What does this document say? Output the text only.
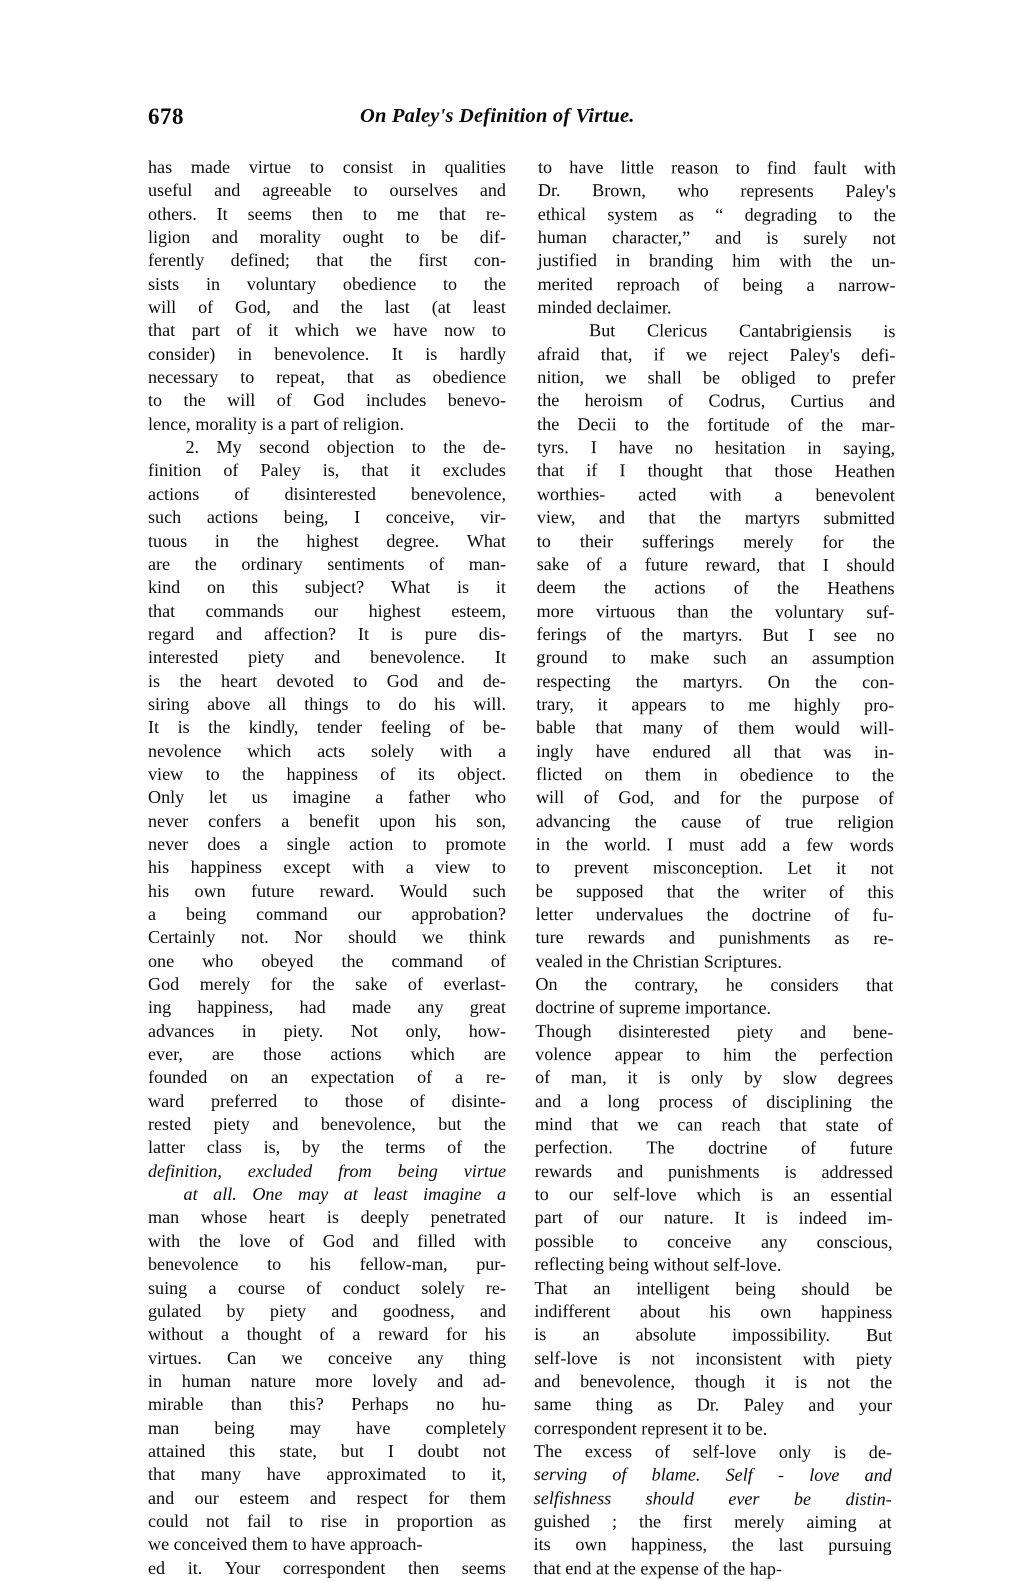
678	On Paley's Definition of Virtue.
has made virtue to consist in qualities
useful and agreeable to ourselves and
others. It seems then to me that re-
ligion and morality ought to be dif-
ferently defined; that the first con-
sists in voluntary obedience to the
will of God, and the last (at least
that part of it which we have now to
consider) in benevolence. It is hardly
necessary to repeat, that as obedience
to the will of God includes benevo-
lence, morality is a part of religion.
2. My second objection to the de-
finition of Paley is, that it excludes
actions of disinterested benevolence,
such actions being, I conceive, vir-
tuous in the highest degree. What
are the ordinary sentiments of man-
kind on this subject? What is it
that commands our highest esteem,
regard and affection? It is pure dis-
interested piety and benevolence. It
is the heart devoted to God and de-
siring above all things to do his will.
It is the kindly, tender feeling of be-
nevolence which acts solely with a
view to the happiness of its object.
Only let us imagine a father who
never confers a benefit upon his son,
never does a single action to promote
his happiness except with a view to
his own future reward. Would such
a being command our approbation?
Certainly not. Nor should we think
one who obeyed the command of
God merely for the sake of everlast-
ing happiness, had made any great
advances in piety. Not only, how-
ever, are those actions which are
founded on an expectation of a re-
ward preferred to those of disinte-
rested piety and benevolence, but the
latter class is, by the terms of the
definition, excluded from being virtue
at all. One may at least imagine a
man whose heart is deeply penetrated
with the love of God and filled with
benevolence to his fellow-man, pur-
suing a course of conduct solely re-
gulated by piety and goodness, and
without a thought of a reward for his
virtues. Can we conceive any thing
in human nature more lovely and ad-
mirable than this? Perhaps no hu-
man being may have completely
attained this state, but I doubt not
that many have approximated to it,
and our esteem and respect for them
could not fail to rise in proportion as
we conceived them to have approach-
ed it. Your correspondent then seems
to have little reason to find fault with
Dr. Brown, who represents Paley's
ethical system as “ degrading to the
human character,” and is surely not
justified in branding him with the un-
merited reproach of being a narrow-
minded declaimer.
But Clericus Cantabrigiensis is
afraid that, if we reject Paley's defi-
nition, we shall be obliged to prefer
the heroism of Codrus, Curtius and
the Decii to the fortitude of the mar-
tyrs. I have no hesitation in saying,
that if I thought that those Heathen
worthies- acted with a benevolent
view, and that the martyrs submitted
to their sufferings merely for the
sake of a future reward, that I should
deem the actions of the Heathens
more virtuous than the voluntary suf-
ferings of the martyrs. But I see no
ground to make such an assumption
respecting the martyrs. On the con-
trary, it appears to me highly pro-
bable that many of them would will-
ingly have endured all that was in-
flicted on them in obedience to the
will of God, and for the purpose of
advancing the cause of true religion
in the world. I must add a few words
to prevent misconception. Let it not
be supposed that the writer of this
letter undervalues the doctrine of fu-
ture rewards and punishments as re-
vealed in the Christian Scriptures.
On the contrary, he considers that
doctrine of supreme importance.
Though disinterested piety and bene-
volence appear to him the perfection
of man, it is only by slow degrees
and a long process of disciplining the
mind that we can reach that state of
perfection. The doctrine of future
rewards and punishments is addressed
to our self-love which is an essential
part of our nature. It is indeed im-
possible to conceive any conscious,
reflecting being without self-love.
That an intelligent being should be
indifferent about his own happiness
is an absolute impossibility. But
self-love is not inconsistent with piety
and benevolence, though it is not the
same thing as Dr. Paley and your
correspondent represent it to be.
The excess of self-love only is de-
serving of blame. Self - love and
selfishness should ever be distin-
guished ; the first merely aiming at
its own happiness, the last pursuing
that end at the expense of the hap-
